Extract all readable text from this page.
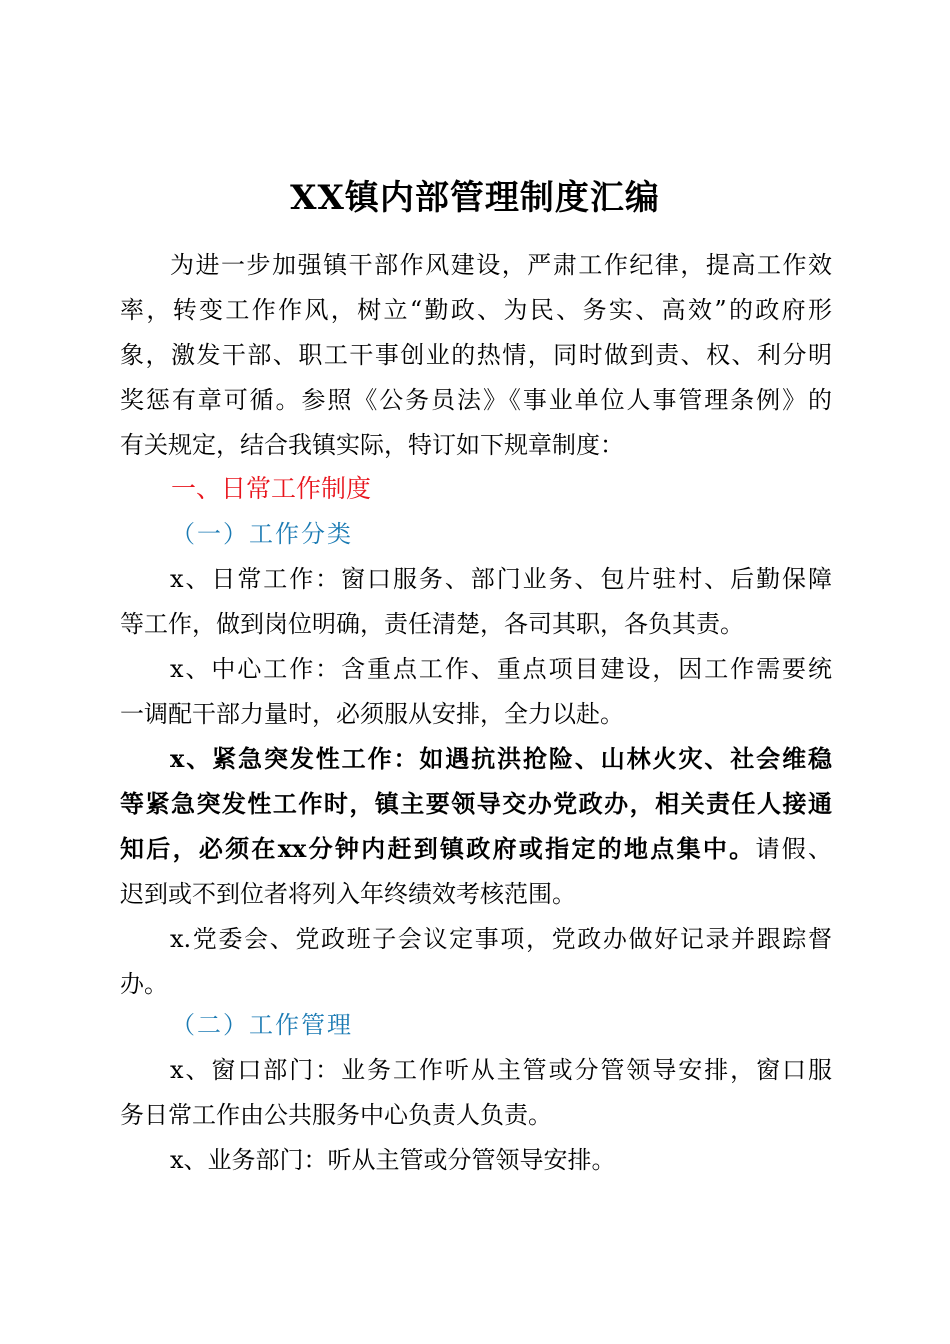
XX镇内部管理制度汇编
为进一步加强镇干部作风建设，严肃工作纪律，提高工作效
率，转变工作作风，树立“勤政、为民、务实、高效”的政府形
象，激发干部、职工干事创业的热情，同时做到责、权、利分明
奖惩有章可循。参照《公务员法》《事业单位人事管理条例》的
有关规定，结合我镇实际，特订如下规章制度：
一、日常工作制度
（一）工作分类
x、日常工作：窗口服务、部门业务、包片驻村、后勤保障
等工作，做到岗位明确，责任清楚，各司其职，各负其责。
x、中心工作：含重点工作、重点项目建设，因工作需要统
一调配干部力量时，必须服从安排，全力以赴。
x、紧急突发性工作：如遇抗洪抢险、山林火灾、社会维稳
等紧急突发性工作时，镇主要领导交办党政办，相关责任人接通
知后，必须在xx分钟内赶到镇政府或指定的地点集中。请假、
迟到或不到位者将列入年终绩效考核范围。
x.党委会、党政班子会议定事项，党政办做好记录并跟踪督
办。
（二）工作管理
x、窗口部门：业务工作听从主管或分管领导安排，窗口服
务日常工作由公共服务中心负责人负责。
x、业务部门：听从主管或分管领导安排。
